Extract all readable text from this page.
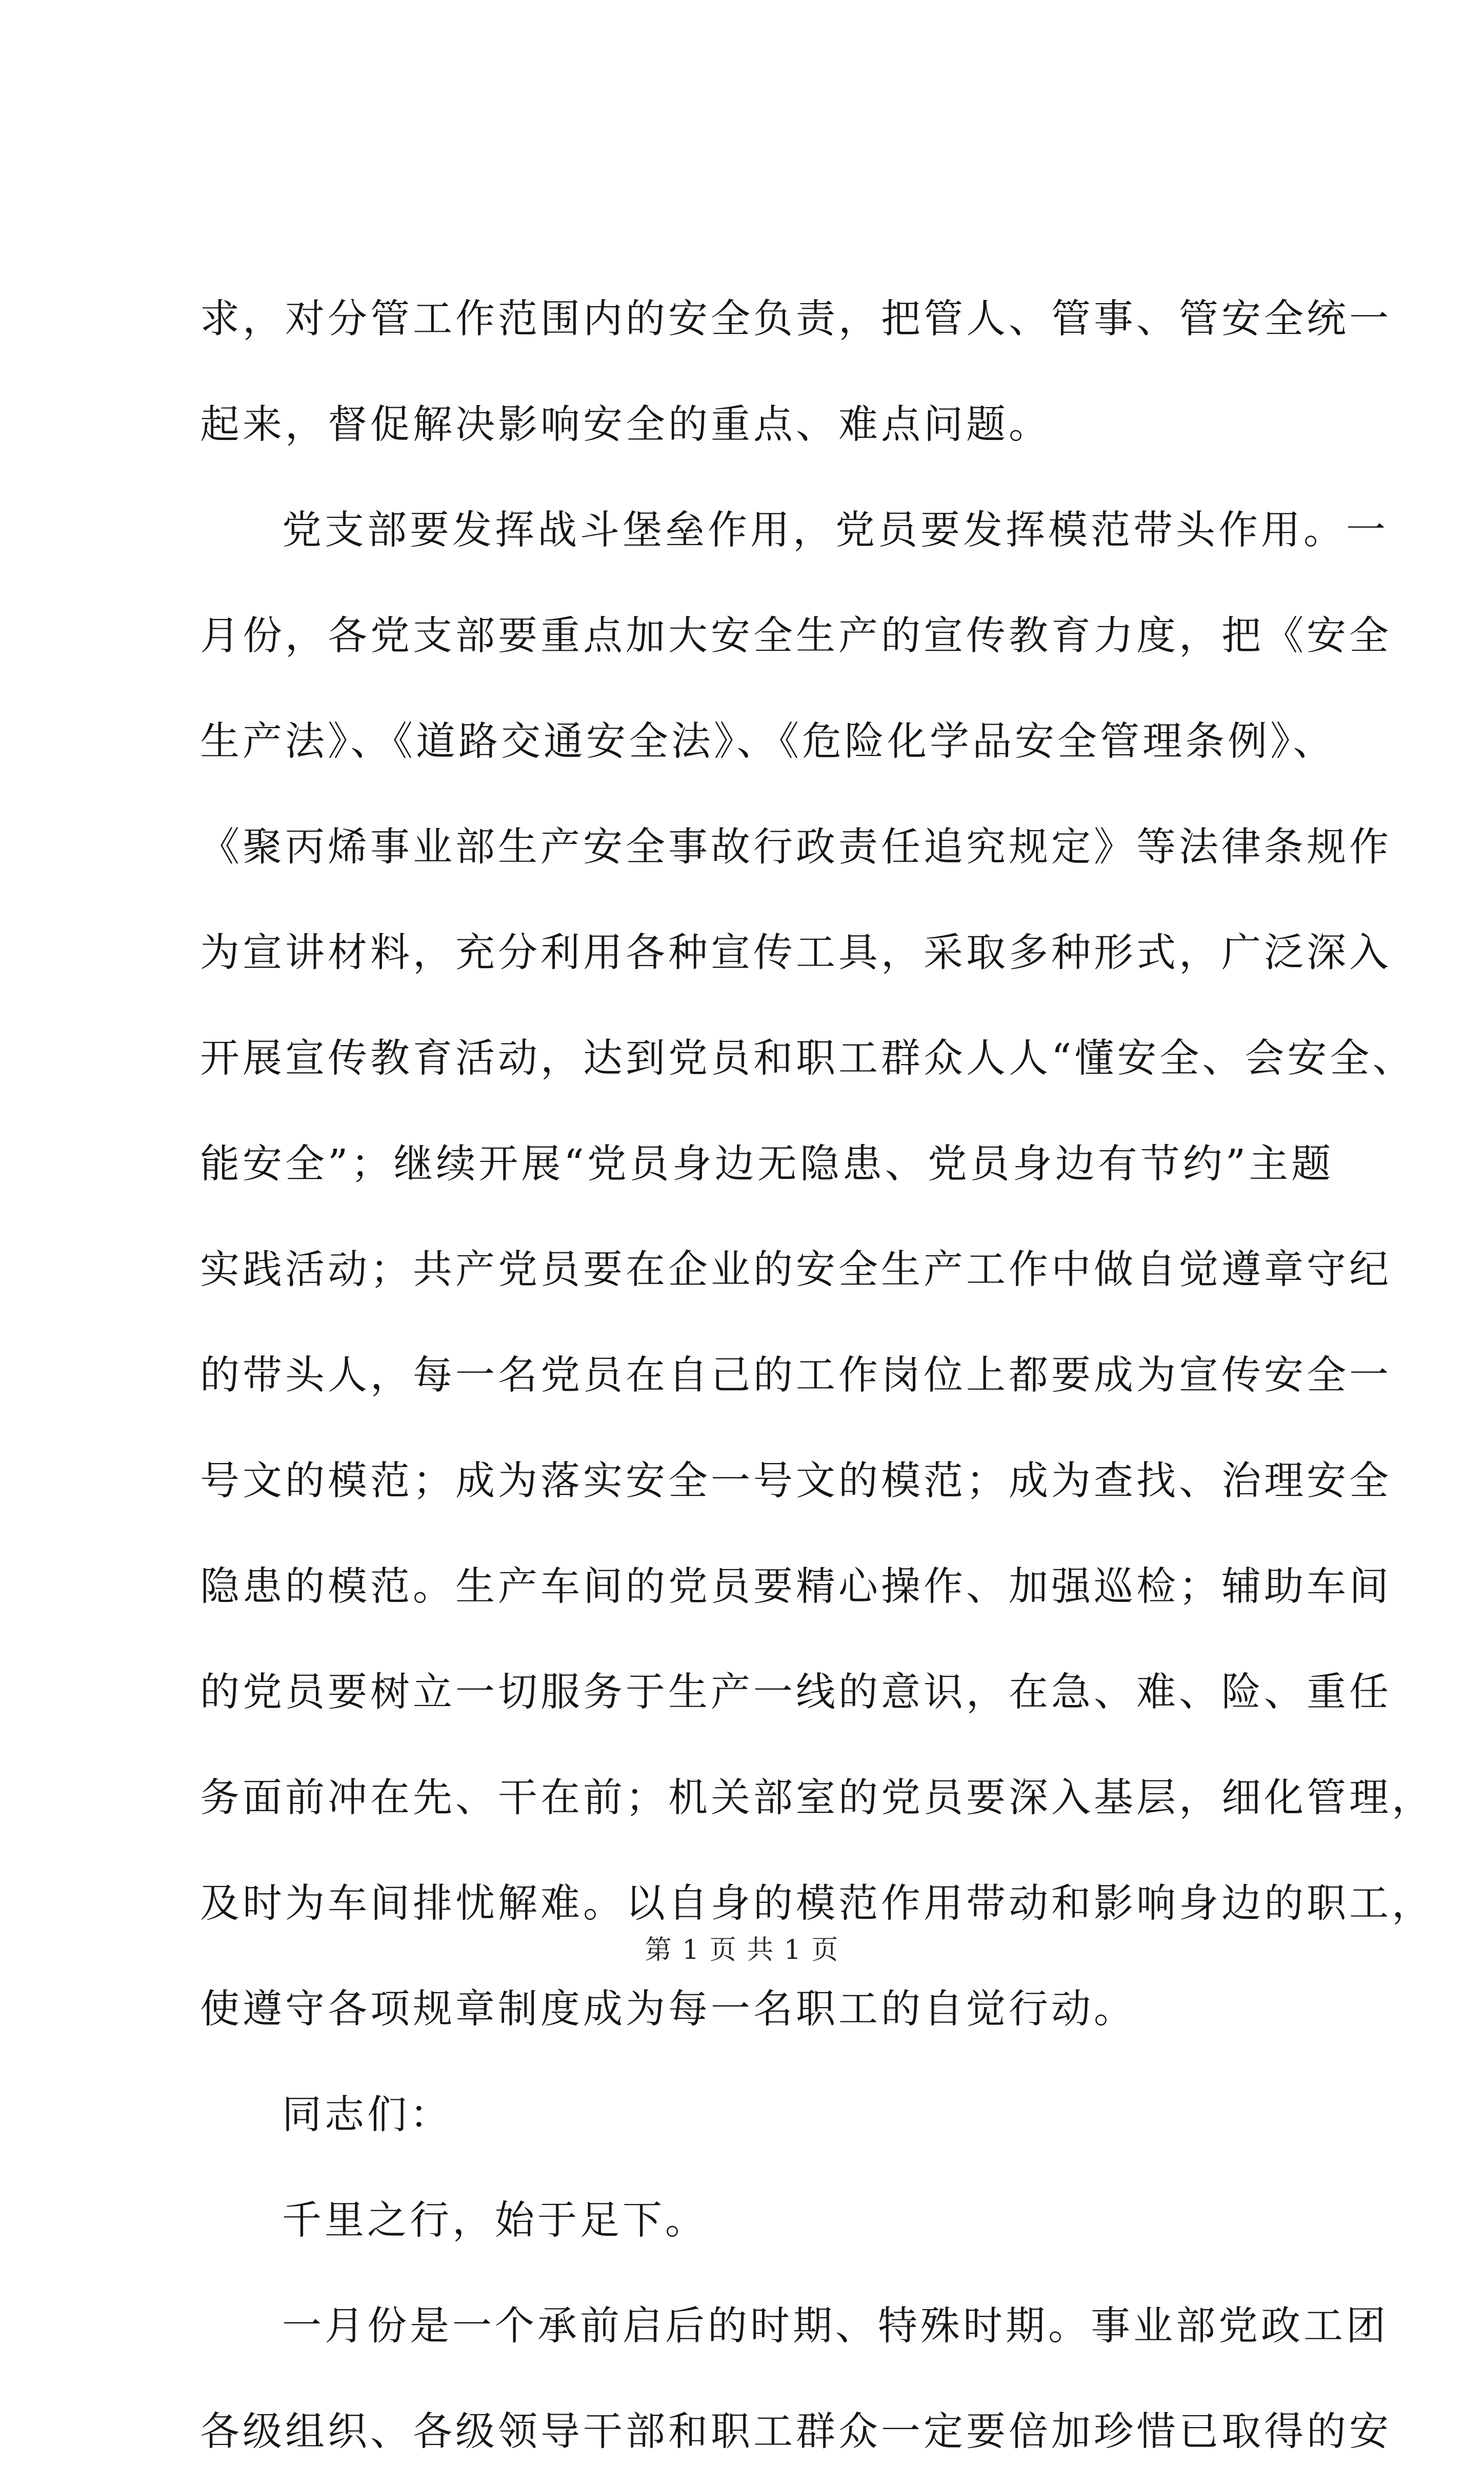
求，对分管工作范围内的安全负责，把管人、管事、管安全统一
起来，督促解决影响安全的重点、难点问题。
党支部要发挥战斗堡垒作用，党员要发挥模范带头作用。一
月份，各党支部要重点加大安全生产的宣传教育力度，把《安全
生产法》、《道路交通安全法》、《危险化学品安全管理条例》、
《聚丙烯事业部生产安全事故行政责任追究规定》等法律条规作
为宣讲材料，充分利用各种宣传工具，采取多种形式，广泛深入
开展宣传教育活动，达到党员和职工群众人人“懂安全、会安全、
能安全”；继续开展“党员身边无隐患、党员身边有节约”主题
实践活动；共产党员要在企业的安全生产工作中做自觉遵章守纪
的带头人，每一名党员在自己的工作岗位上都要成为宣传安全一
号文的模范；成为落实安全一号文的模范；成为查找、治理安全
隐患的模范。生产车间的党员要精心操作、加强巡检；辅助车间
的党员要树立一切服务于生产一线的意识，在急、难、险、重任
务面前冲在先、干在前；机关部室的党员要深入基层，细化管理，
及时为车间排忧解难。以自身的模范作用带动和影响身边的职工，
使遵守各项规章制度成为每一名职工的自觉行动。
同志们：
千里之行，始于足下。
一月份是一个承前启后的时期、特殊时期。事业部党政工团
各级组织、各级领导干部和职工群众一定要倍加珍惜已取得的安
第 1 页 共 1 页
